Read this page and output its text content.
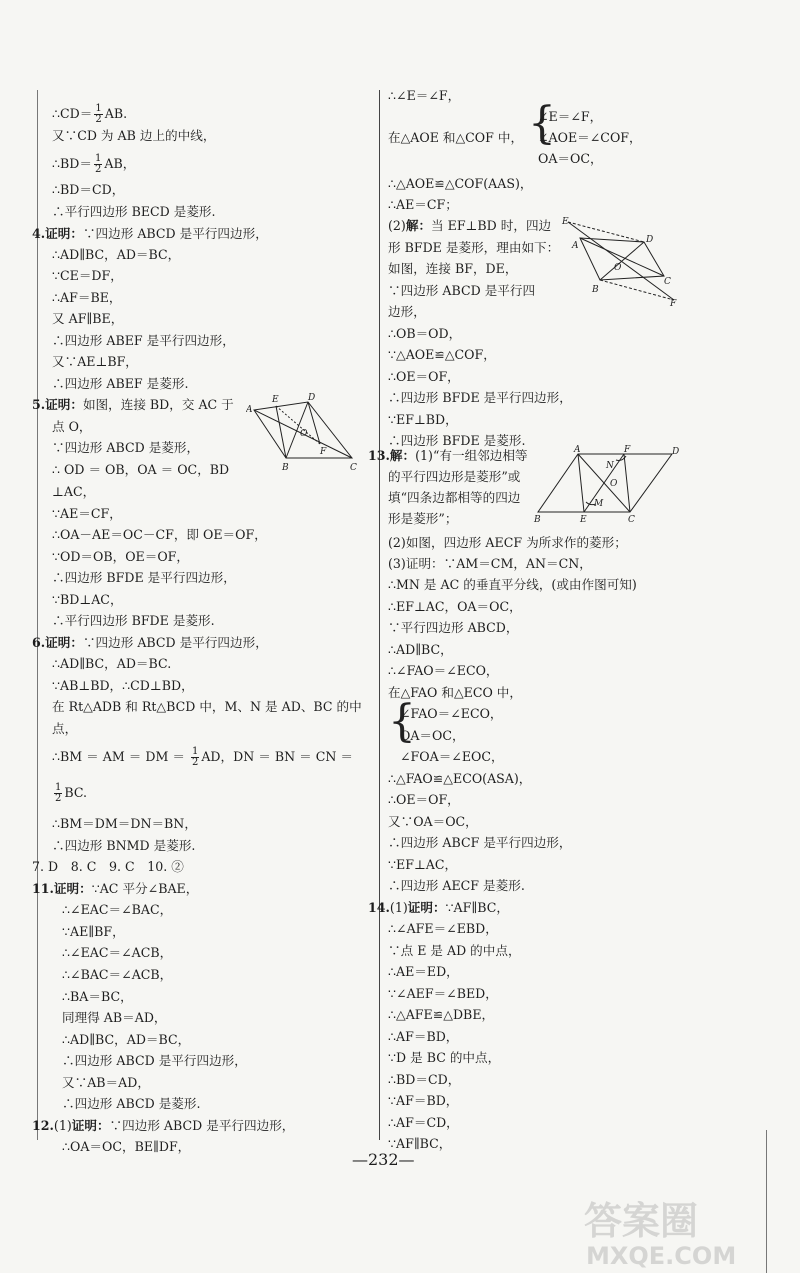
∴CD＝ $\frac{1}{2}$ AB.
又∵CD 为 AB 边上的中线，
∴BD＝ $\frac{1}{2}$ AB，
∴BD＝CD，
∴平行四边形 BECD 是菱形.
4.证明：∵四边形 ABCD 是平行四边形，
∴AD∥BC，AD＝BC，
∵CE＝DF，
∴AF＝BE，
又 AF∥BE，
∴四边形 ABEF 是平行四边形，
又∵AE⊥BF，
∴四边形 ABEF 是菱形.
5.证明：如图，连接 BD，交 AC 于
点 O，
∵四边形 ABCD 是菱形，
∴ OD ＝ OB，OA ＝ OC，BD
⊥AC，
∵AE＝CF，
∴OA－AE＝OC－CF，即 OE＝OF，
∵OD＝OB，OE＝OF，
∴四边形 BFDE 是平行四边形，
∵BD⊥AC，
∴平行四边形 BFDE 是菱形.
6.证明：∵四边形 ABCD 是平行四边形，
∴AD∥BC，AD＝BC.
∵AB⊥BD，∴CD⊥BD，
在 Rt△ADB 和 Rt△BCD 中，M、N 是 AD、BC 的中
点，
∴BM ＝ AM ＝ DM ＝ $\frac{1}{2}$ AD，DN ＝ BN ＝ CN ＝
$\frac{1}{2}$ BC.
∴BM＝DM＝DN＝BN，
∴四边形 BNMD 是菱形.
7. D　8. C　9. C　10. ②
11.证明：∵AC 平分∠BAE，
∴∠EAC＝∠BAC，
∵AE∥BF，
∴∠EAC＝∠ACB，
∴∠BAC＝∠ACB，
∴BA＝BC，
同理得 AB＝AD，
∴AD∥BC，AD＝BC，
∴四边形 ABCD 是平行四边形，
又∵AB＝AD，
∴四边形 ABCD 是菱形.
12.(1)证明：∵四边形 ABCD 是平行四边形，
∴OA＝OC，BE∥DF，
{
{
∴∠E＝∠F，
在△AOE 和△COF 中，
∠E＝∠F，
∠AOE＝∠COF，
OA＝OC，
∴△AOE≌△COF(AAS)，
∴AE＝CF；
(2)解：当 EF⊥BD 时，四边
形 BFDE 是菱形，理由如下：
如图，连接 BF，DE，
∵四边形 ABCD 是平行四
边形，
∴OB＝OD，
∵△AOE≌△COF，
∴OE＝OF，
∴四边形 BFDE 是平行四边形，
∵EF⊥BD，
∴四边形 BFDE 是菱形.
13.解：(1)“有一组邻边相等
的平行四边形是菱形”或
填“四条边都相等的四边
形是菱形”；
(2)如图，四边形 AECF 为所求作的菱形；
(3)证明：∵AM＝CM，AN＝CN，
∴MN 是 AC 的垂直平分线，(或由作图可知)
∴EF⊥AC，OA＝OC，
∵平行四边形 ABCD，
∴AD∥BC，
∴∠FAO＝∠ECO，
在△FAO 和△ECO 中，
∠FAO＝∠ECO，
OA＝OC，
∠FOA＝∠EOC，
∴△FAO≌△ECO(ASA)，
∴OE＝OF，
又∵OA＝OC，
∴四边形 ABCF 是平行四边形，
∵EF⊥AC，
∴四边形 AECF 是菱形.
14.(1)证明：∵AF∥BC，
∴∠AFE＝∠EBD，
∵点 E 是 AD 的中点，
∴AE＝ED，
∵∠AEF＝∠BED，
∴△AFE≌△DBE，
∴AF＝BD，
∵D 是 BC 的中点，
∴BD＝CD，
∵AF＝BD，
∴AF＝CD，
∵AF∥BC，
A
E	D
O
F
B	C
E
A
D
O
C
B
F
A	F	D
N
O
M
B	E	C
—232—
答案圈
MXQE.COM
